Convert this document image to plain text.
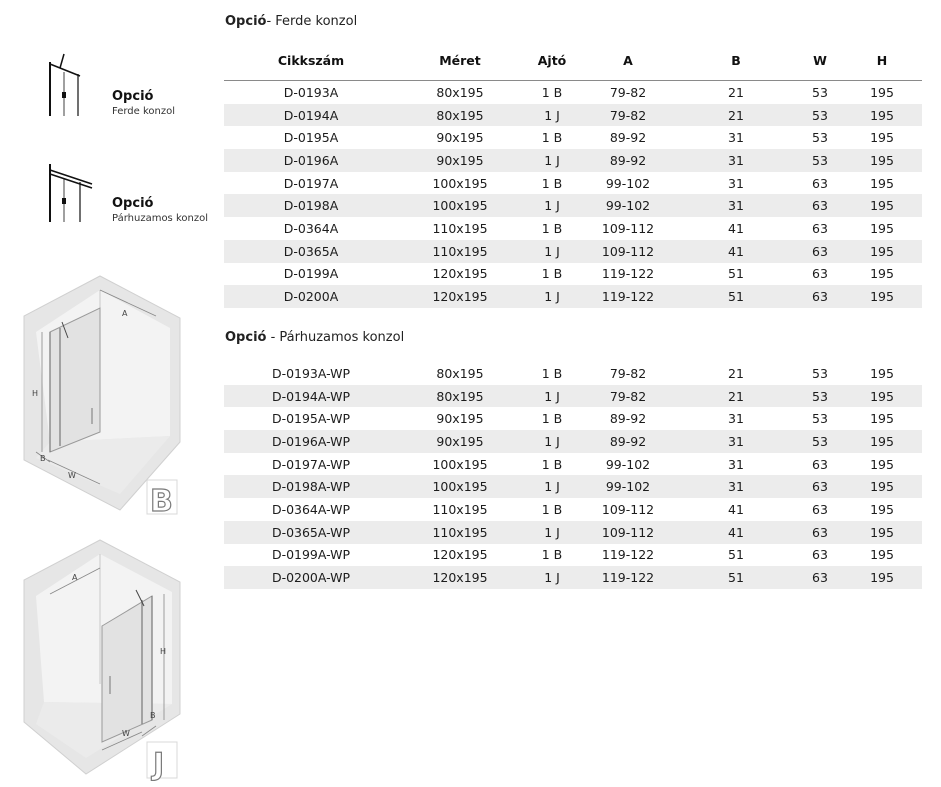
Opció- Ferde konzol
Cikkszám	Méret	Ajtó	A	B	W	H
D-0193A	80x195	1 B	79-82	21	53	195
D-0194A	80x195	1 J	79-82	21	53	195
D-0195A	90x195	1 B	89-92	31	53	195
D-0196A	90x195	1 J	89-92	31	53	195
D-0197A	100x195	1 B	99-102	31	63	195
D-0198A	100x195	1 J	99-102	31	63	195
D-0364A	110x195	1 B	109-112	41	63	195
D-0365A	110x195	1 J	109-112	41	63	195
D-0199A	120x195	1 B	119-122	51	63	195
D-0200A	120x195	1 J	119-122	51	63	195
Opció - Párhuzamos konzol
D-0193A-WP	80x195	1 B	79-82	21	53	195
D-0194A-WP	80x195	1 J	79-82	21	53	195
D-0195A-WP	90x195	1 B	89-92	31	53	195
D-0196A-WP	90x195	1 J	89-92	31	53	195
D-0197A-WP	100x195	1 B	99-102	31	63	195
D-0198A-WP	100x195	1 J	99-102	31	63	195
D-0364A-WP	110x195	1 B	109-112	41	63	195
D-0365A-WP	110x195	1 J	109-112	41	63	195
D-0199A-WP	120x195	1 B	119-122	51	63	195
D-0200A-WP	120x195	1 J	119-122	51	63	195
Opció
Ferde konzol
Opció
Párhuzamos konzol
A
H
B
W
B
A
H
B
W
J
